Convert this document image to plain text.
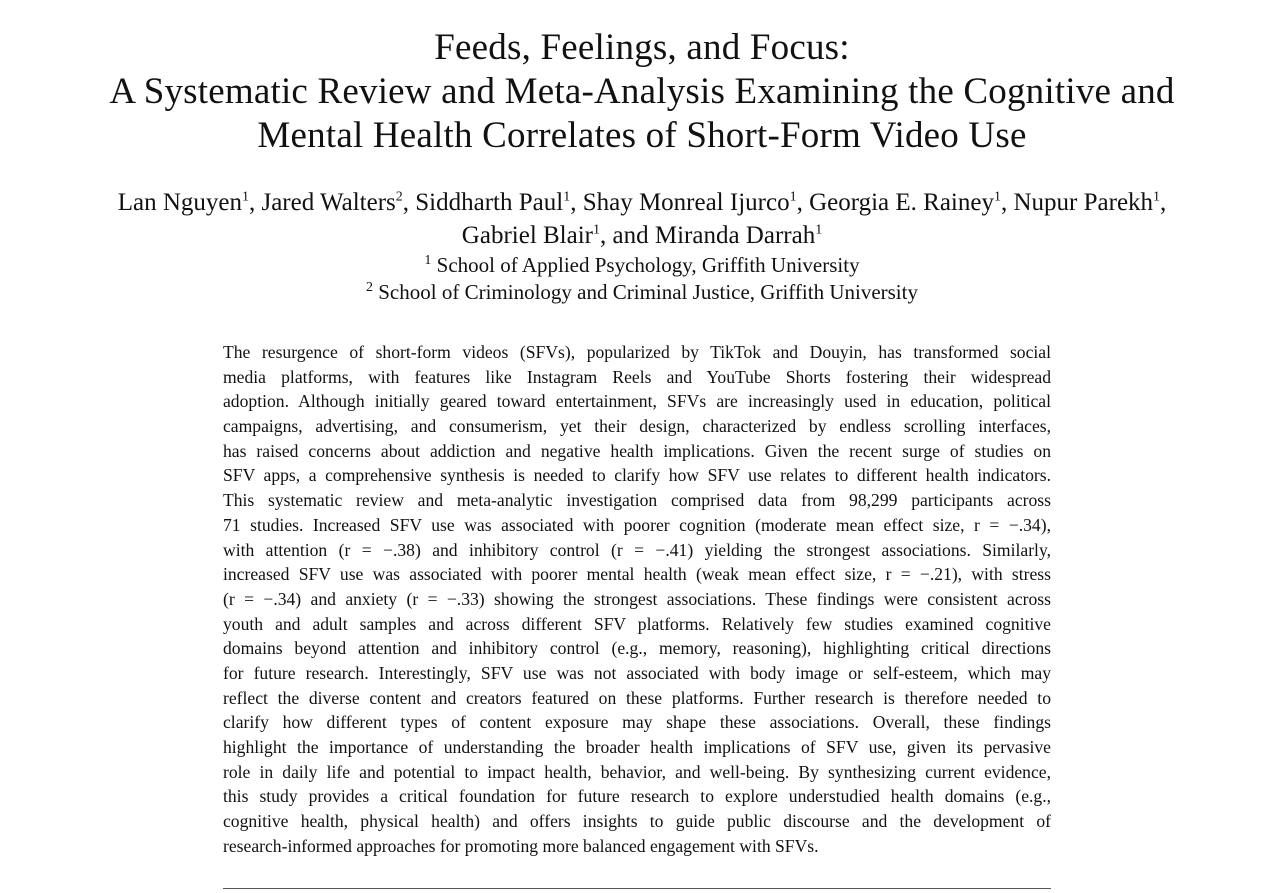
Feeds, Feelings, and Focus:
A Systematic Review and Meta-Analysis Examining the Cognitive and
Mental Health Correlates of Short-Form Video Use
Lan Nguyen$^1$, Jared Walters$^2$, Siddharth Paul$^1$, Shay Monreal Ijurco$^1$, Georgia E. Rainey$^1$, Nupur Parekh$^1$,
Gabriel Blair$^1$, and Miranda Darrah$^1$
$^1$ School of Applied Psychology, Griffith University
$^2$ School of Criminology and Criminal Justice, Griffith University
The resurgence of short-form videos (SFVs), popularized by TikTok and Douyin, has transformed social
media platforms, with features like Instagram Reels and YouTube Shorts fostering their widespread
adoption. Although initially geared toward entertainment, SFVs are increasingly used in education, political
campaigns, advertising, and consumerism, yet their design, characterized by endless scrolling interfaces,
has raised concerns about addiction and negative health implications. Given the recent surge of studies on
SFV apps, a comprehensive synthesis is needed to clarify how SFV use relates to different health indicators.
This systematic review and meta-analytic investigation comprised data from 98,299 participants across
71 studies. Increased SFV use was associated with poorer cognition (moderate mean effect size, r = −.34),
with attention (r = −.38) and inhibitory control (r = −.41) yielding the strongest associations. Similarly,
increased SFV use was associated with poorer mental health (weak mean effect size, r = −.21), with stress
(r = −.34) and anxiety (r = −.33) showing the strongest associations. These findings were consistent across
youth and adult samples and across different SFV platforms. Relatively few studies examined cognitive
domains beyond attention and inhibitory control (e.g., memory, reasoning), highlighting critical directions
for future research. Interestingly, SFV use was not associated with body image or self-esteem, which may
reflect the diverse content and creators featured on these platforms. Further research is therefore needed to
clarify how different types of content exposure may shape these associations. Overall, these findings
highlight the importance of understanding the broader health implications of SFV use, given its pervasive
role in daily life and potential to impact health, behavior, and well-being. By synthesizing current evidence,
this study provides a critical foundation for future research to explore understudied health domains (e.g.,
cognitive health, physical health) and offers insights to guide public discourse and the development of
research-informed approaches for promoting more balanced engagement with SFVs.
